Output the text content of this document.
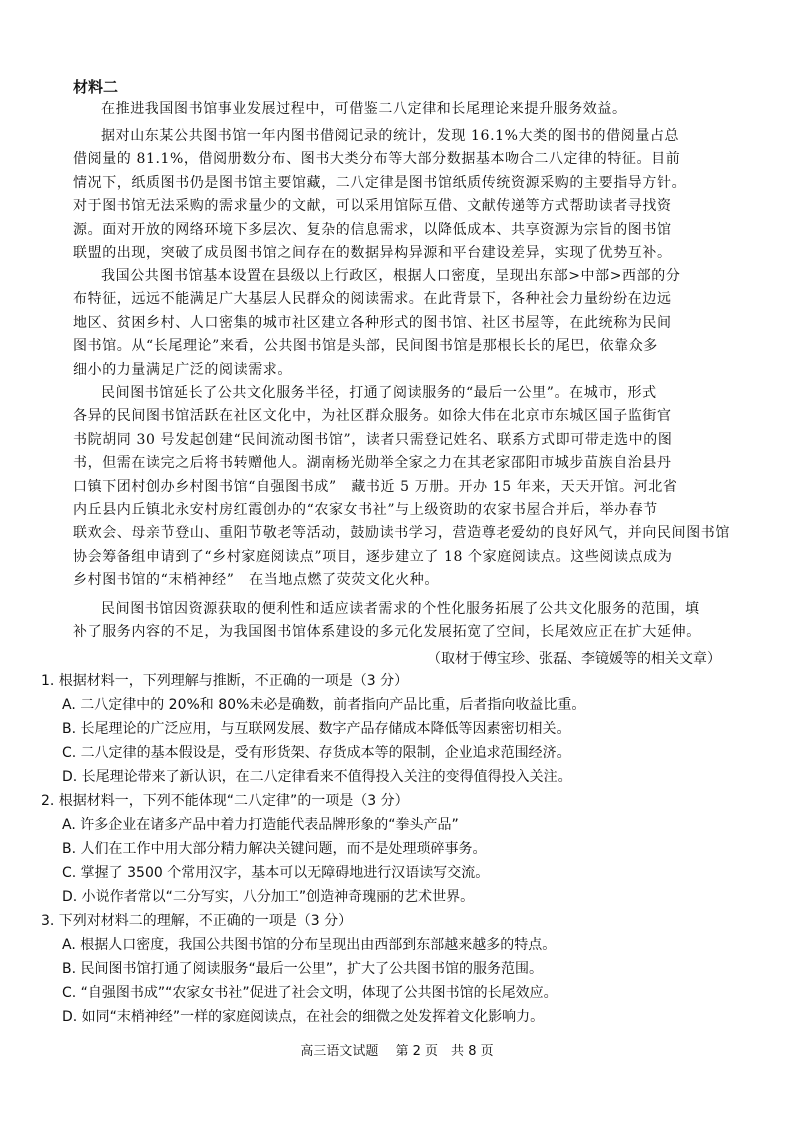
材料二
在推进我国图书馆事业发展过程中，可借鉴二八定律和长尾理论来提升服务效益。
据对山东某公共图书馆一年内图书借阅记录的统计，发现 16.1%大类的图书的借阅量占总
借阅量的 81.1%，借阅册数分布、图书大类分布等大部分数据基本吻合二八定律的特征。目前
情况下，纸质图书仍是图书馆主要馆藏，二八定律是图书馆纸质传统资源采购的主要指导方针。
对于图书馆无法采购的需求量少的文献，可以采用馆际互借、文献传递等方式帮助读者寻找资
源。面对开放的网络环境下多层次、复杂的信息需求，以降低成本、共享资源为宗旨的图书馆
联盟的出现，突破了成员图书馆之间存在的数据异构异源和平台建设差异，实现了优势互补。
我国公共图书馆基本设置在县级以上行政区，根据人口密度，呈现出东部>中部>西部的分
布特征，远远不能满足广大基层人民群众的阅读需求。在此背景下，各种社会力量纷纷在边远
地区、贫困乡村、人口密集的城市社区建立各种形式的图书馆、社区书屋等，在此统称为民间
图书馆。从“长尾理论”来看，公共图书馆是头部，民间图书馆是那根长长的尾巴，依靠众多
细小的力量满足广泛的阅读需求。
民间图书馆延长了公共文化服务半径，打通了阅读服务的“最后一公里”。在城市，形式
各异的民间图书馆活跃在社区文化中，为社区群众服务。如徐大伟在北京市东城区国子监街官
书院胡同 30 号发起创建“民间流动图书馆”，读者只需登记姓名、联系方式即可带走选中的图
书，但需在读完之后将书转赠他人。湖南杨光勋举全家之力在其老家邵阳市城步苗族自治县丹
口镇下团村创办乡村图书馆“自强图书成”　藏书近 5 万册。开办 15 年来，天天开馆。河北省
内丘县内丘镇北永安村房红霞创办的“农家女书社”与上级资助的农家书屋合并后，举办春节
联欢会、母亲节登山、重阳节敬老等活动，鼓励读书学习，营造尊老爱幼的良好风气，并向民间图书馆
协会筹备组申请到了“乡村家庭阅读点”项目，逐步建立了 18 个家庭阅读点。这些阅读点成为
乡村图书馆的“末梢神经”　在当地点燃了荧荧文化火种。
民间图书馆因资源获取的便利性和适应读者需求的个性化服务拓展了公共文化服务的范围，填
补了服务内容的不足，为我国图书馆体系建设的多元化发展拓宽了空间，长尾效应正在扩大延伸。
（取材于傅宝珍、张磊、李镜媛等的相关文章）
1. 根据材料一，下列理解与推断，不正确的一项是（3 分）
A. 二八定律中的 20%和 80%未必是确数，前者指向产品比重，后者指向收益比重。
B. 长尾理论的广泛应用，与互联网发展、数字产品存储成本降低等因素密切相关。
C. 二八定律的基本假设是，受有形货架、存货成本等的限制，企业追求范围经济。
D. 长尾理论带来了新认识，在二八定律看来不值得投入关注的变得值得投入关注。
2. 根据材料一，下列不能体现“二八定律”的一项是（3 分）
A. 许多企业在诸多产品中着力打造能代表品牌形象的“拳头产品”
B. 人们在工作中用大部分精力解决关键问题，而不是处理琐碎事务。
C. 掌握了 3500 个常用汉字，基本可以无障碍地进行汉语读写交流。
D. 小说作者常以“二分写实，八分加工”创造神奇瑰丽的艺术世界。
3. 下列对材料二的理解，不正确的一项是（3 分）
A. 根据人口密度，我国公共图书馆的分布呈现出由西部到东部越来越多的特点。
B. 民间图书馆打通了阅读服务“最后一公里”，扩大了公共图书馆的服务范围。
C. “自强图书成”“农家女书社”促进了社会文明，体现了公共图书馆的长尾效应。
D. 如同“末梢神经”一样的家庭阅读点，在社会的细微之处发挥着文化影响力。
高三语文试题　 第 2 页　共 8 页
